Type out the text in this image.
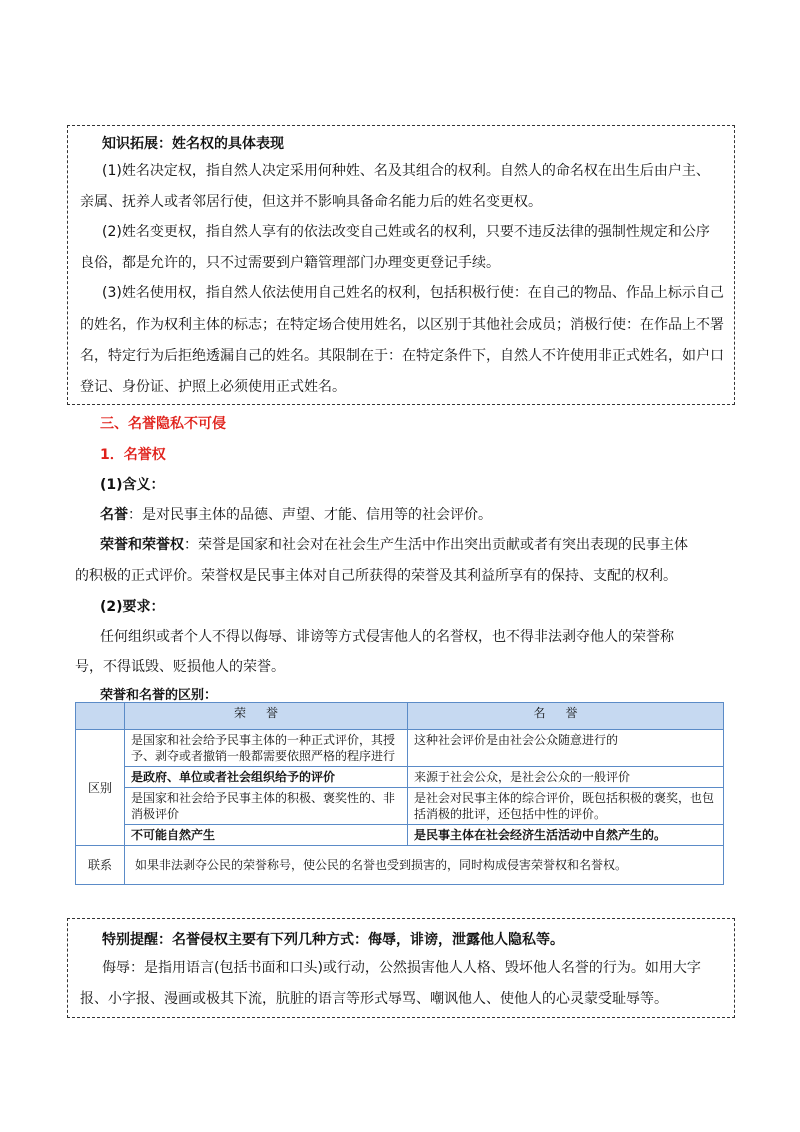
知识拓展：姓名权的具体表现
(1)姓名决定权，指自然人决定采用何种姓、名及其组合的权利。自然人的命名权在出生后由户主、
亲属、抚养人或者邻居行使，但这并不影响具备命名能力后的姓名变更权。
(2)姓名变更权，指自然人享有的依法改变自己姓或名的权利，只要不违反法律的强制性规定和公序
良俗，都是允许的，只不过需要到户籍管理部门办理变更登记手续。
(3)姓名使用权，指自然人依法使用自己姓名的权利，包括积极行使：在自己的物品、作品上标示自己
的姓名，作为权利主体的标志；在特定场合使用姓名，以区别于其他社会成员；消极行使：在作品上不署
名，特定行为后拒绝透漏自己的姓名。其限制在于：在特定条件下，自然人不许使用非正式姓名，如户口
登记、身份证、护照上必须使用正式姓名。
三、名誉隐私不可侵
1．名誉权
(1)含义：
名誉：是对民事主体的品德、声望、才能、信用等的社会评价。
荣誉和荣誉权：荣誉是国家和社会对在社会生产生活中作出突出贡献或者有突出表现的民事主体
的积极的正式评价。荣誉权是民事主体对自己所获得的荣誉及其利益所享有的保持、支配的权利。
(2)要求：
任何组织或者个人不得以侮辱、诽谤等方式侵害他人的名誉权，也不得非法剥夺他人的荣誉称
号，不得诋毁、贬损他人的荣誉。
荣誉和名誉的区别：
	荣誉	名誉
区别	是国家和社会给予民事主体的一种正式评价，其授予、剥夺或者撤销一般都需要依照严格的程序进行	这种社会评价是由社会公众随意进行的
	是政府、单位或者社会组织给予的评价	来源于社会公众，是社会公众的一般评价
	是国家和社会给予民事主体的积极、褒奖性的、非消极评价	是社会对民事主体的综合评价，既包括积极的褒奖，也包括消极的批评，还包括中性的评价。
	不可能自然产生	是民事主体在社会经济生活活动中自然产生的。
联系	如果非法剥夺公民的荣誉称号，使公民的名誉也受到损害的，同时构成侵害荣誉权和名誉权。	
特别提醒：名誉侵权主要有下列几种方式：侮辱，诽谤，泄露他人隐私等。
侮辱：是指用语言(包括书面和口头)或行动，公然损害他人人格、毁坏他人名誉的行为。如用大字
报、小字报、漫画或极其下流，肮脏的语言等形式辱骂、嘲讽他人、使他人的心灵蒙受耻辱等。
